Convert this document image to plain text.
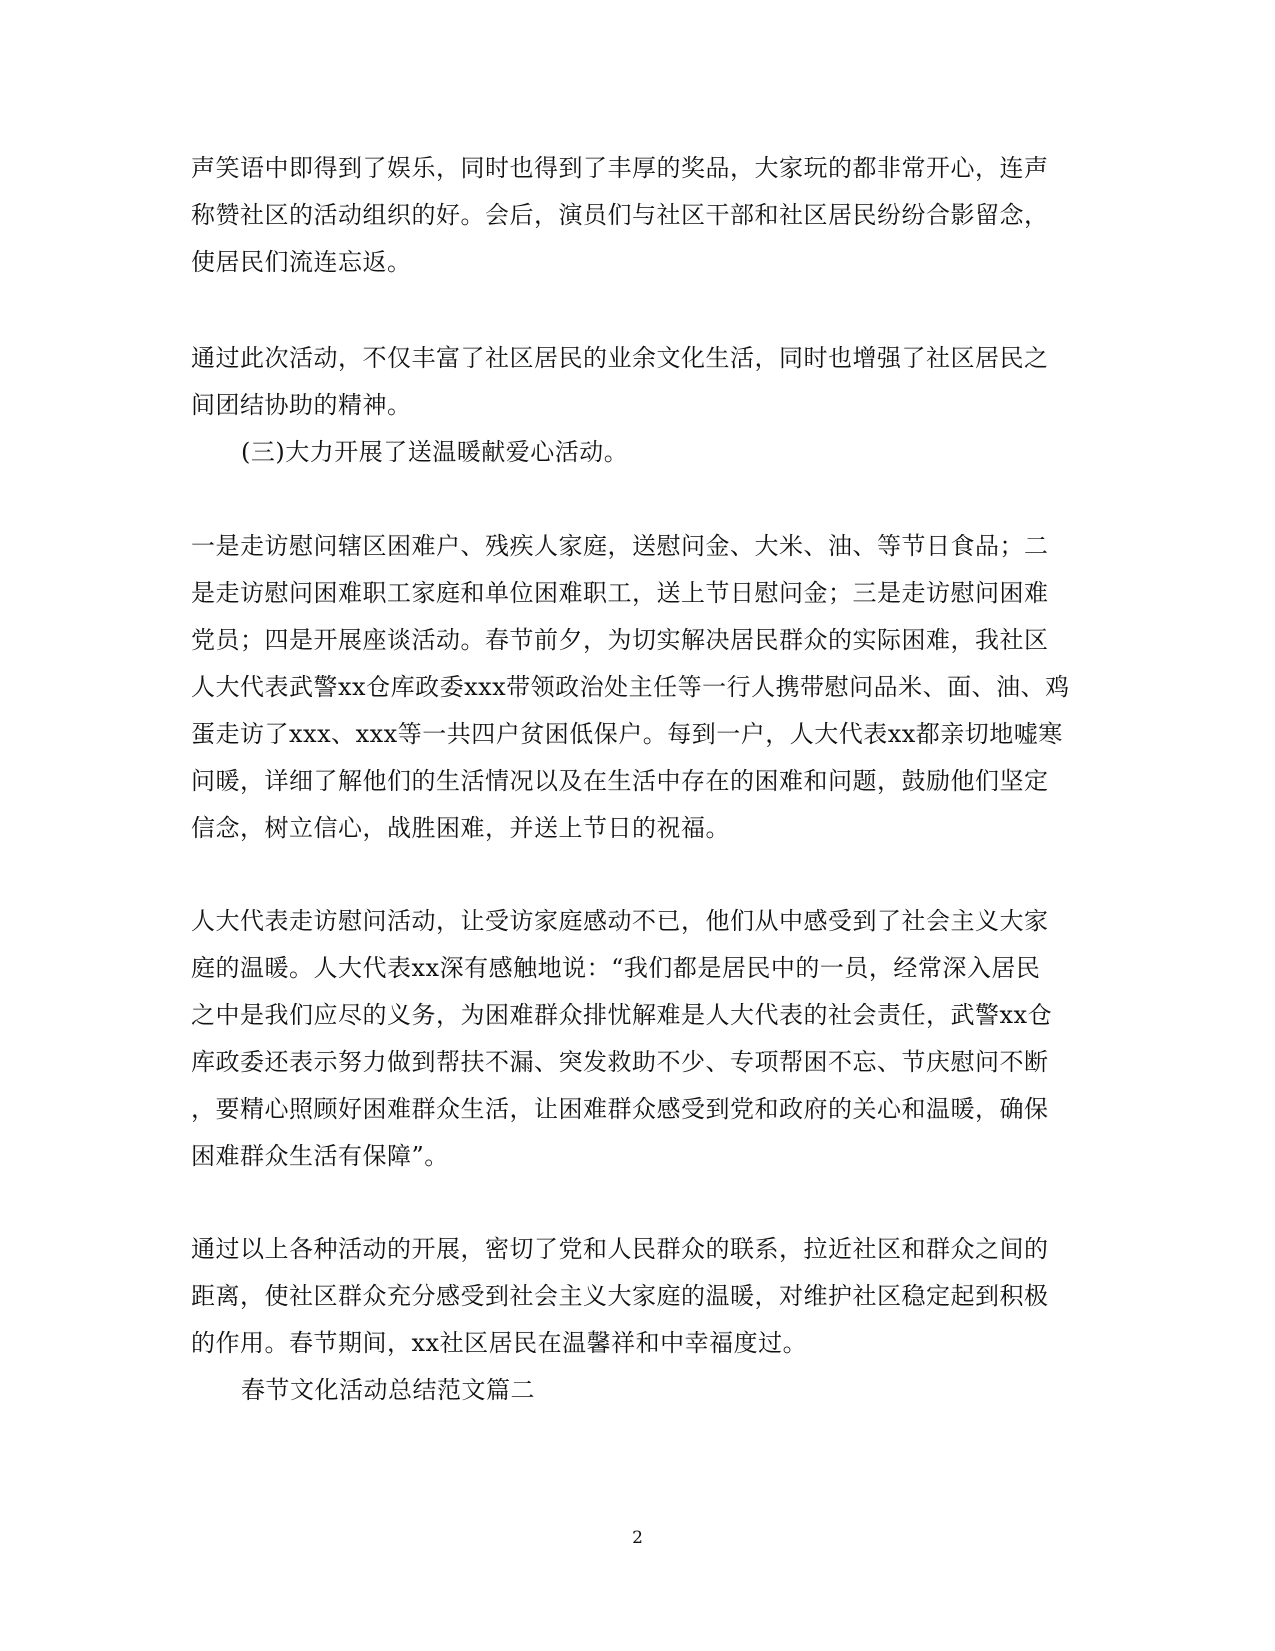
声笑语中即得到了娱乐，同时也得到了丰厚的奖品，大家玩的都非常开心，连声
称赞社区的活动组织的好。会后，演员们与社区干部和社区居民纷纷合影留念，
使居民们流连忘返。
通过此次活动，不仅丰富了社区居民的业余文化生活，同时也增强了社区居民之
间团结协助的精神。
(三)大力开展了送温暖献爱心活动。
一是走访慰问辖区困难户、残疾人家庭，送慰问金、大米、油、等节日食品；二
是走访慰问困难职工家庭和单位困难职工，送上节日慰问金；三是走访慰问困难
党员；四是开展座谈活动。春节前夕，为切实解决居民群众的实际困难，我社区
人大代表武警xx仓库政委xxx带领政治处主任等一行人携带慰问品米、面、油、鸡
蛋走访了xxx、xxx等一共四户贫困低保户。每到一户，人大代表xx都亲切地嘘寒
问暖，详细了解他们的生活情况以及在生活中存在的困难和问题，鼓励他们坚定
信念，树立信心，战胜困难，并送上节日的祝福。
人大代表走访慰问活动，让受访家庭感动不已，他们从中感受到了社会主义大家
庭的温暖。人大代表xx深有感触地说：“我们都是居民中的一员，经常深入居民
之中是我们应尽的义务，为困难群众排忧解难是人大代表的社会责任，武警xx仓
库政委还表示努力做到帮扶不漏、突发救助不少、专项帮困不忘、节庆慰问不断
，要精心照顾好困难群众生活，让困难群众感受到党和政府的关心和温暖，确保
困难群众生活有保障”。
通过以上各种活动的开展，密切了党和人民群众的联系，拉近社区和群众之间的
距离，使社区群众充分感受到社会主义大家庭的温暖，对维护社区稳定起到积极
的作用。春节期间，xx社区居民在温馨祥和中幸福度过。
春节文化活动总结范文篇二
2
